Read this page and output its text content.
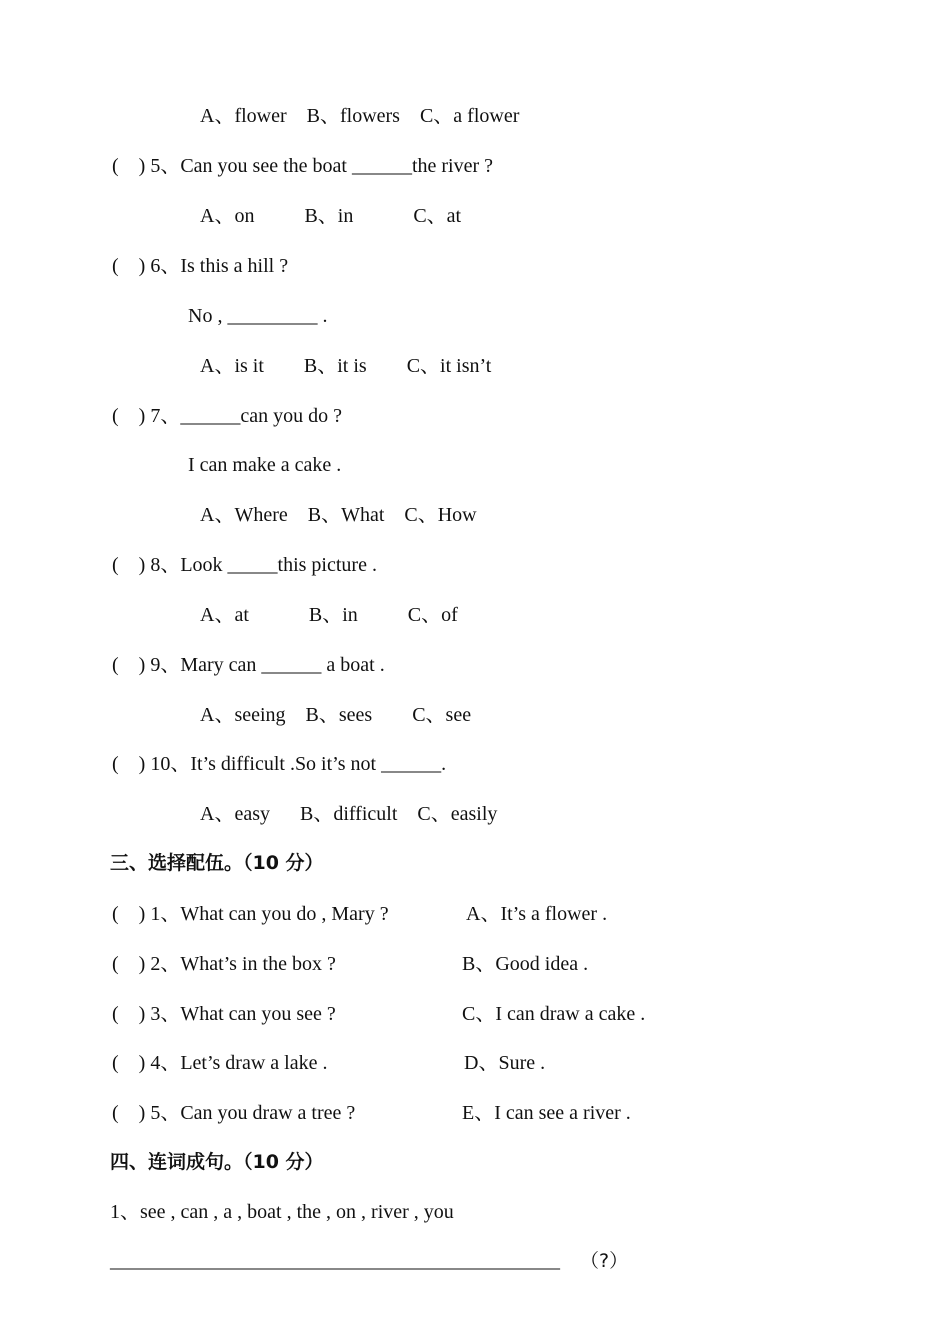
A、flower    B、flowers    C、a flower
(    ) 5、Can you see the boat ______the river ?
A、on          B、in            C、at
(    ) 6、Is this a hill ?
No , _________ .
A、is it        B、it is        C、it isn’t
(    ) 7、______can you do ?
I can make a cake .
A、Where    B、What    C、How
(    ) 8、Look _____this picture .
A、at            B、in          C、of
(    ) 9、Mary can ______ a boat .
A、seeing    B、sees        C、see
(    ) 10、It’s difficult .So it’s not ______.
A、easy      B、difficult    C、easily
三、选择配伍。（10 分）
(    ) 1、What can you do , Mary ?	A、It’s a flower .
(    ) 2、What’s in the box ?	B、Good idea .
(    ) 3、What can you see ?	C、I can draw a cake .
(    ) 4、Let’s draw a lake .	D、Sure .
(    ) 5、Can you draw a tree ?	E、I can see a river .
四、连词成句。（10 分）
1、see , can , a , boat , the , on , river , you
_____________________________________________ （?）
